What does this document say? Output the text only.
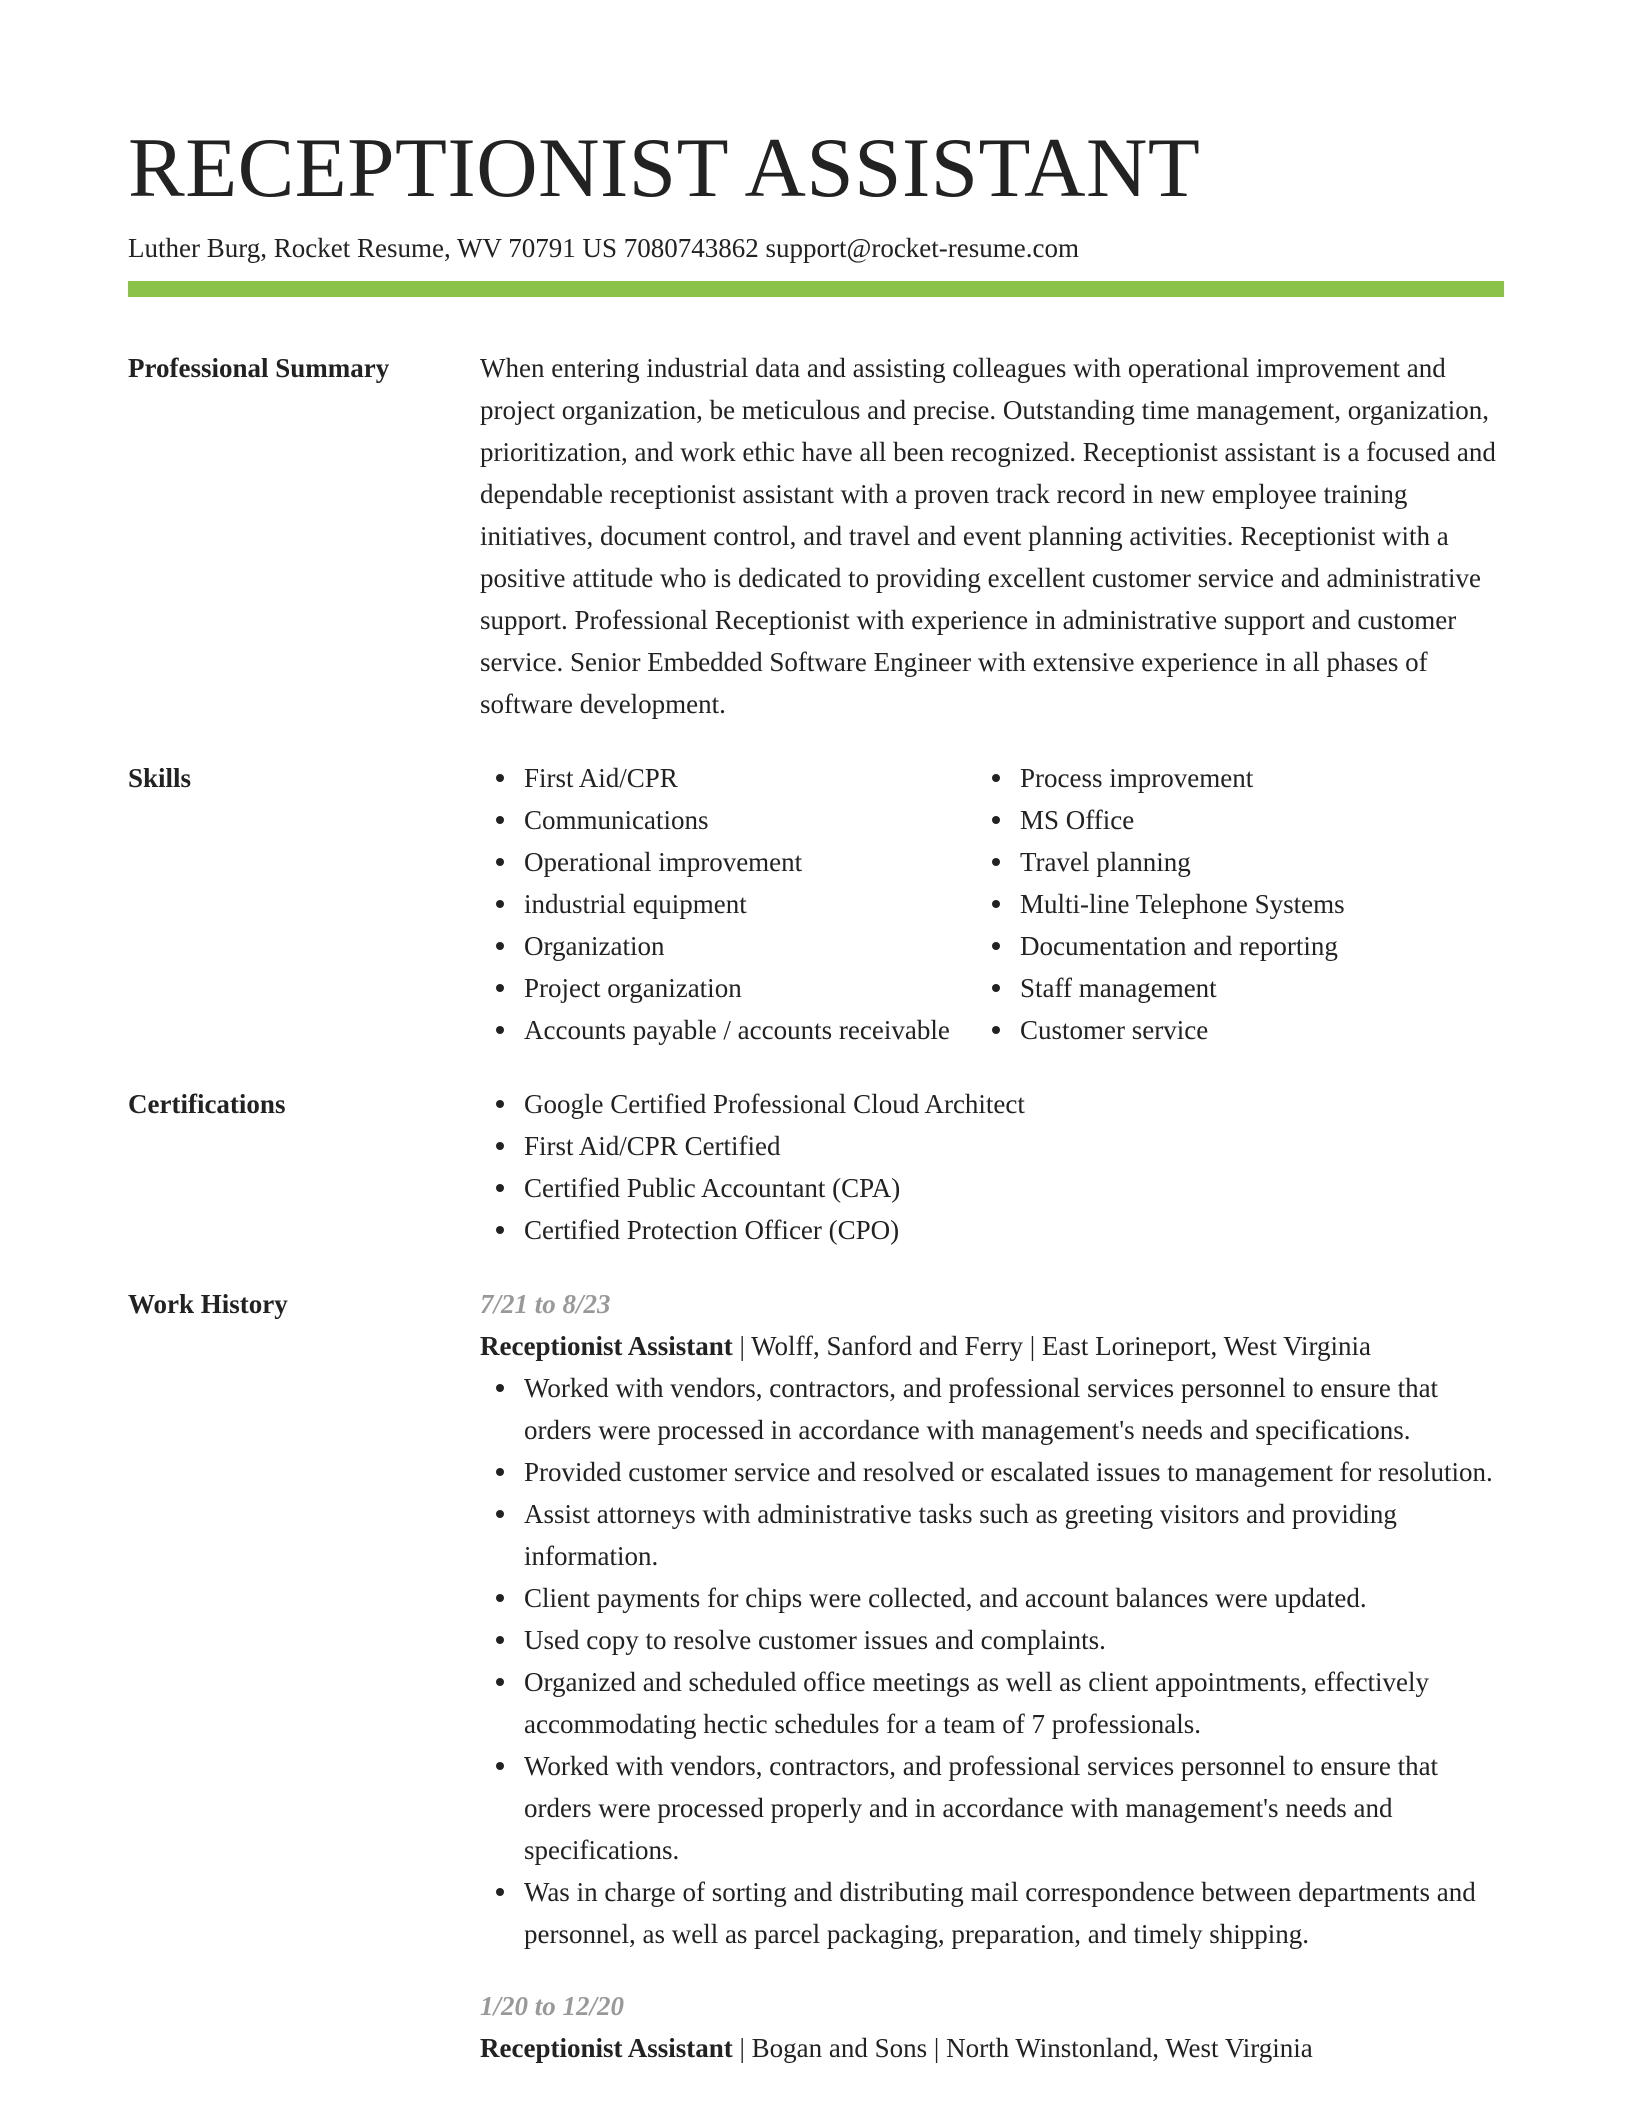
RECEPTIONIST ASSISTANT
Luther Burg, Rocket Resume, WV 70791 US 7080743862 support@rocket-resume.com
Professional Summary	When entering industrial data and assisting colleagues with operational improvement and project organization, be meticulous and precise. Outstanding time management, organization, prioritization, and work ethic have all been recognized. Receptionist assistant is a focused and dependable receptionist assistant with a proven track record in new employee training initiatives, document control, and travel and event planning activities. Receptionist with a positive attitude who is dedicated to providing excellent customer service and administrative support. Professional Receptionist with experience in administrative support and customer service. Senior Embedded Software Engineer with extensive experience in all phases of software development.

Skills	First Aid/CPR
Communications
Operational improvement
industrial equipment
Organization
Project organization
Accounts payable / accounts receivable
Process improvement
MS Office
Travel planning
Multi-line Telephone Systems
Documentation and reporting
Staff management
Customer service
Certifications	Google Certified Professional Cloud Architect
First Aid/CPR Certified
Certified Public Accountant (CPA)
Certified Protection Officer (CPO)
Work History	7/21 to 8/23
Receptionist Assistant | Wolff, Sanford and Ferry | East Lorineport, West Virginia
Worked with vendors, contractors, and professional services personnel to ensure that orders were processed in accordance with management's needs and specifications.
Provided customer service and resolved or escalated issues to management for resolution.
Assist attorneys with administrative tasks such as greeting visitors and providing information.
Client payments for chips were collected, and account balances were updated.
Used copy to resolve customer issues and complaints.
Organized and scheduled office meetings as well as client appointments, effectively accommodating hectic schedules for a team of 7 professionals.
Worked with vendors, contractors, and professional services personnel to ensure that orders were processed properly and in accordance with management's needs and specifications.
Was in charge of sorting and distributing mail correspondence between departments and personnel, as well as parcel packaging, preparation, and timely shipping.
1/20 to 12/20
Receptionist Assistant | Bogan and Sons | North Winstonland, West Virginia
